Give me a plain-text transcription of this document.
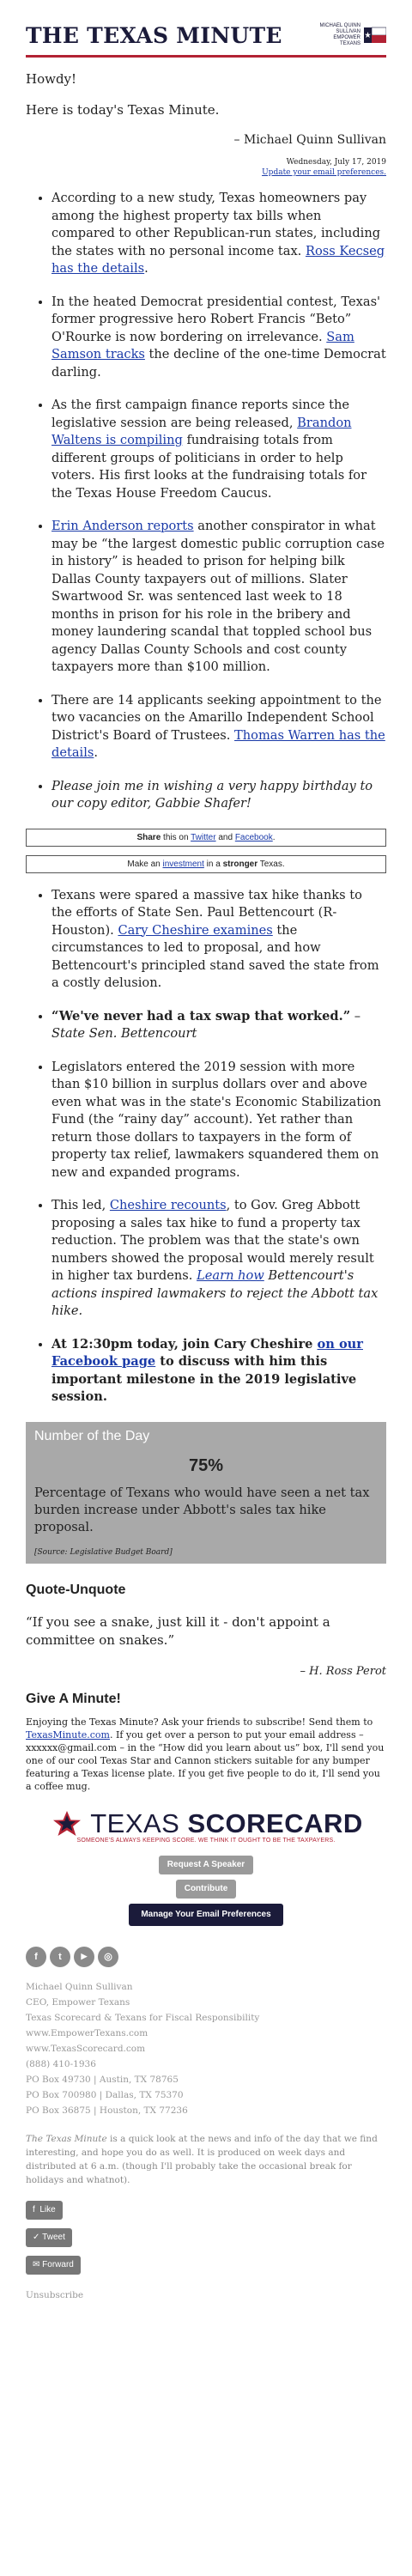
THE TEXAS MINUTE	MICHAEL QUINN
SULLIVAN
EMPOWER TEXANS
Howdy!
Here is today's Texas Minute.
– Michael Quinn Sullivan
Wednesday, July 17, 2019
Update your email preferences.
• According to a new study, Texas homeowners pay among the highest property tax bills when compared to other Republican-run states, including the states with no personal income tax. Ross Kecseg has the details.
• In the heated Democrat presidential contest, Texas' former progressive hero Robert Francis “Beto” O'Rourke is now bordering on irrelevance. Sam Samson tracks the decline of the one-time Democrat darling.
• As the first campaign finance reports since the legislative session are being released, Brandon Waltens is compiling fundraising totals from different groups of politicians in order to help voters. His first looks at the fundraising totals for the Texas House Freedom Caucus.
• Erin Anderson reports another conspirator in what may be “the largest domestic public corruption case in history” is headed to prison for helping bilk Dallas County taxpayers out of millions. Slater Swartwood Sr. was sentenced last week to 18 months in prison for his role in the bribery and money laundering scandal that toppled school bus agency Dallas County Schools and cost county taxpayers more than $100 million.
• There are 14 applicants seeking appointment to the two vacancies on the Amarillo Independent School District's Board of Trustees. Thomas Warren has the details.
• Please join me in wishing a very happy birthday to our copy editor, Gabbie Shafer!
Share this on Twitter and Facebook.
Make an investment in a stronger Texas.
• Texans were spared a massive tax hike thanks to the efforts of State Sen. Paul Bettencourt (R-Houston). Cary Cheshire examines the circumstances to led to proposal, and how Bettencourt's principled stand saved the state from a costly delusion.
• “We've never had a tax swap that worked.” –
State Sen. Bettencourt
• Legislators entered the 2019 session with more than $10 billion in surplus dollars over and above even what was in the state's Economic Stabilization Fund (the “rainy day” account). Yet rather than return those dollars to taxpayers in the form of property tax relief, lawmakers squandered them on new and expanded programs.
• This led, Cheshire recounts, to Gov. Greg Abbott proposing a sales tax hike to fund a property tax reduction. The problem was that the state's own numbers showed the proposal would merely result in higher tax burdens. Learn how Bettencourt's actions inspired lawmakers to reject the Abbott tax hike.
• At 12:30pm today, join Cary Cheshire on our Facebook page to discuss with him this important milestone in the 2019 legislative session.
Number of the Day
75%
Percentage of Texans who would have seen a net tax burden increase under Abbott's sales tax hike proposal.
[Source: Legislative Budget Board]
Quote-Unquote
“If you see a snake, just kill it - don't appoint a committee on snakes.”
– H. Ross Perot
Give A Minute!
Enjoying the Texas Minute? Ask your friends to subscribe! Send them to TexasMinute.com. If you get over a person to put your email address – xxxxxx@gmail.com – in the “How did you learn about us” box, I'll send you one of our cool Texas Star and Cannon stickers suitable for any bumper featuring a Texas license plate. If you get five people to do it, I'll send you a coffee mug.
TEXAS SCORECARD
SOMEONE'S ALWAYS KEEPING SCORE. WE THINK IT OUGHT TO BE THE TAXPAYERS.
Request A Speaker
Contribute
Manage Your Email Preferences
f	t	▶	◎
Michael Quinn Sullivan
CEO, Empower Texans
Texas Scorecard & Texans for Fiscal Responsibility
www.EmpowerTexans.com
www.TexasScorecard.com
(888) 410-1936
PO Box 49730 | Austin, TX 78765
PO Box 700980 | Dallas, TX 75370
PO Box 36875 | Houston, TX 77236
The Texas Minute is a quick look at the news and info of the day that we find interesting, and hope you do as well. It is produced on week days and distributed at 6 a.m. (though I'll probably take the occasional break for holidays and whatnot).
f  Like
✓ Tweet
✉ Forward
Unsubscribe
